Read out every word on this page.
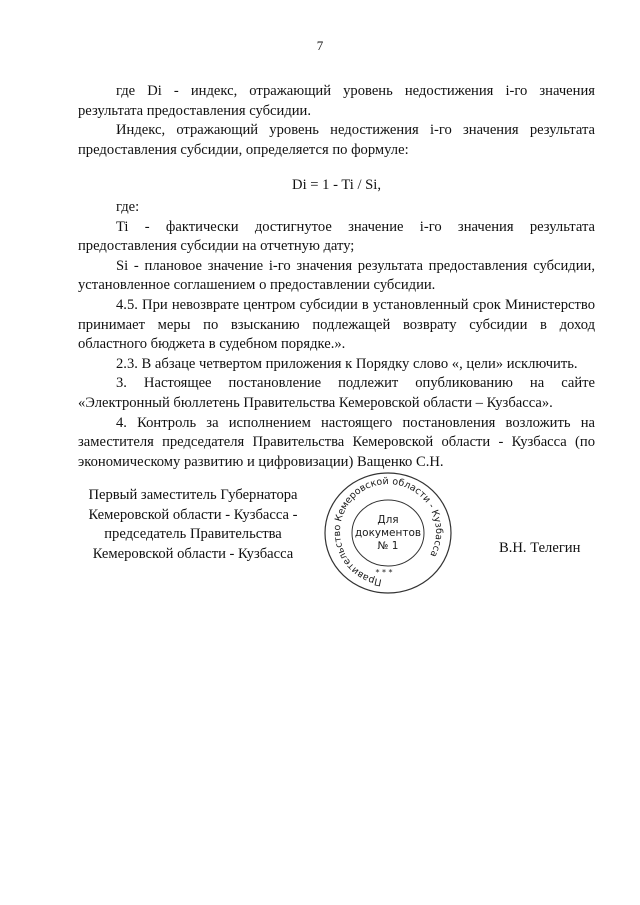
7

где Di - индекс, отражающий уровень недостижения i-го значения результата предоставления субсидии.

Индекс, отражающий уровень недостижения i-го значения результата предоставления субсидии, определяется по формуле:

Di = 1 - Ti / Si,

где:

Ti - фактически достигнутое значение i-го значения результата предоставления субсидии на отчетную дату;

Si - плановое значение i-го значения результата предоставления субсидии, установленное соглашением о предоставлении субсидии.

4.5. При невозврате центром субсидии в установленный срок Министерство принимает меры по взысканию подлежащей возврату субсидии в доход областного бюджета в судебном порядке.».

2.3. В абзаце четвертом приложения к Порядку слово «, цели» исключить.

3. Настоящее постановление подлежит опубликованию на сайте «Электронный бюллетень Правительства Кемеровской области – Кузбасса».

4. Контроль за исполнением настоящего постановления возложить на заместителя председателя Правительства Кемеровской области - Кузбасса (по экономическому развитию и цифровизации) Ващенко С.Н.

Первый заместитель Губернатора
Кемеровской области - Кузбасса -
председатель Правительства
Кемеровской области - Кузбасса	В.Н. Телегин
Правительство Кемеровской области - Кузбасса
* * *
Для
документов
№ 1
